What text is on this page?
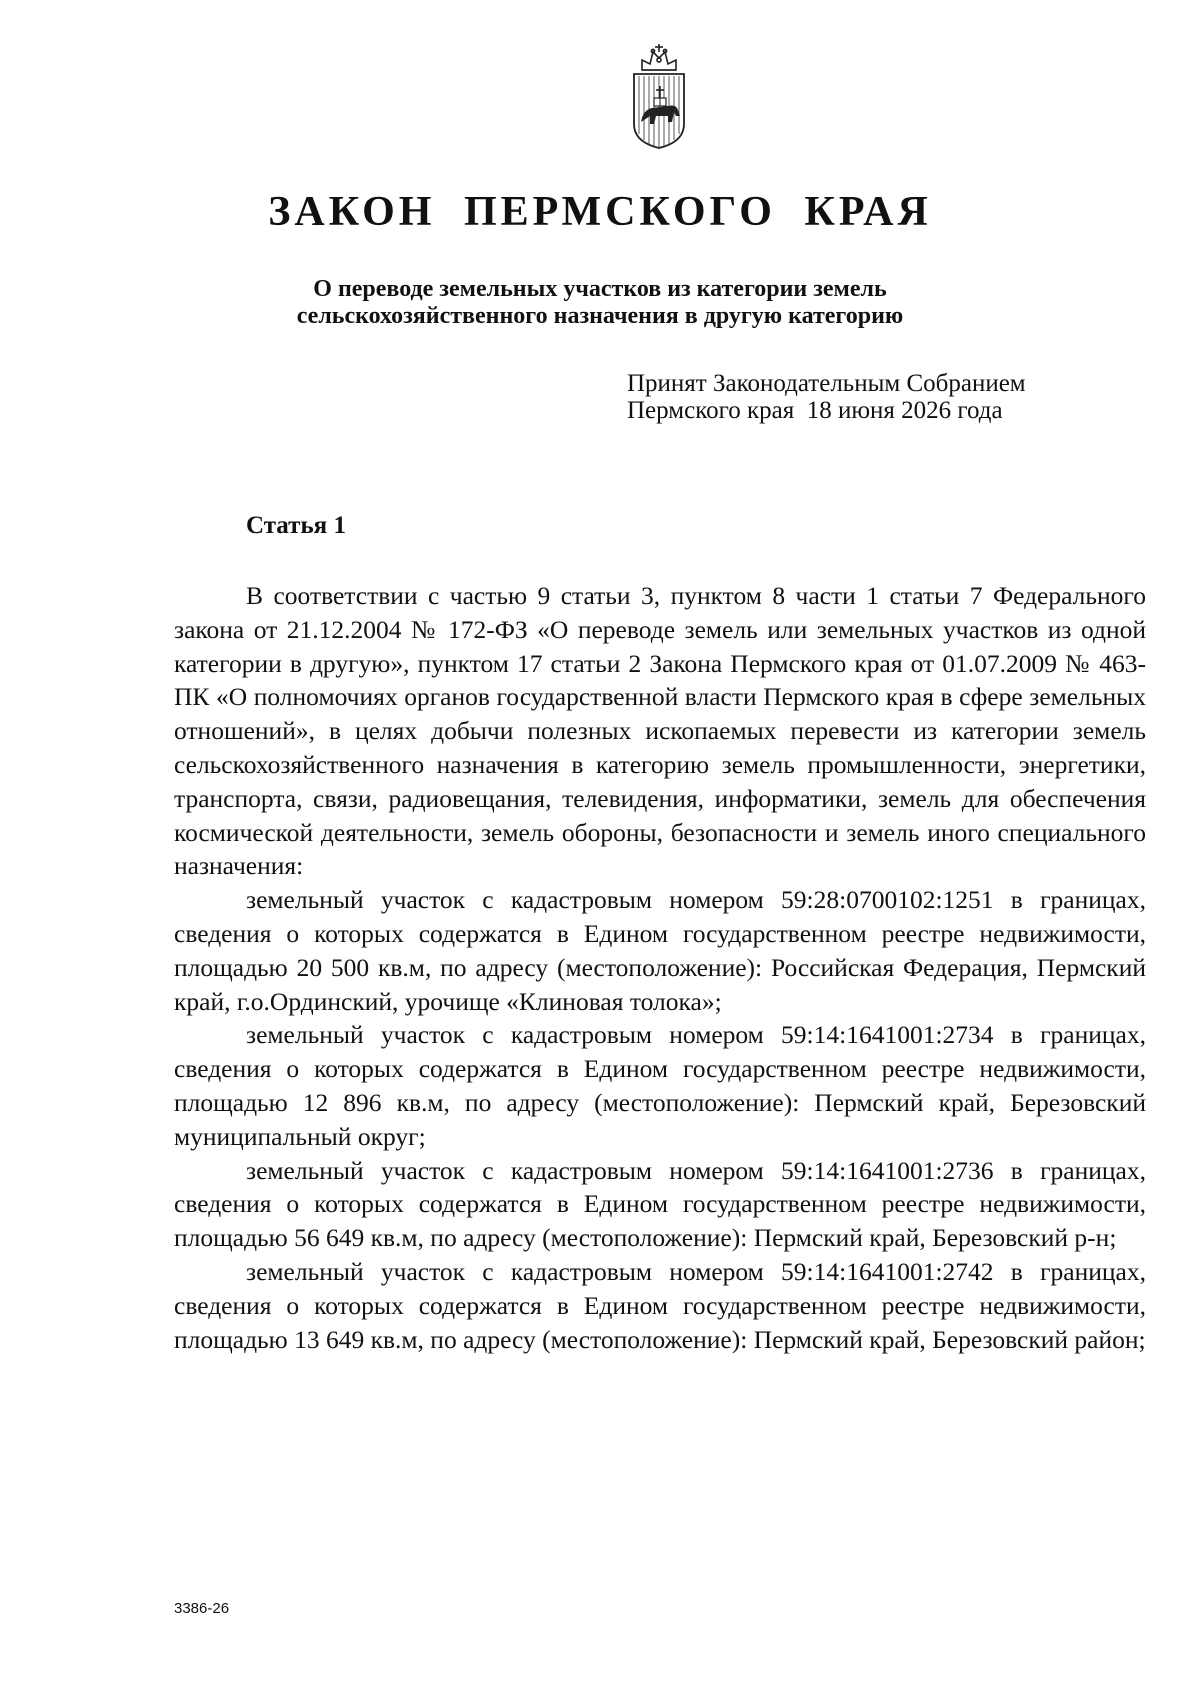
ЗАКОН ПЕРМСКОГО КРАЯ
О переводе земельных участков из категории земель
сельскохозяйственного назначения в другую категорию
Принят Законодательным Собранием
Пермского края  18 июня 2026 года
Статья 1

В соответствии с частью 9 статьи 3, пунктом 8 части 1 статьи 7 Федерального закона от 21.12.2004 № 172-ФЗ «О переводе земель или земельных участков из одной категории в другую», пунктом 17 статьи 2 Закона Пермского края от 01.07.2009 № 463-ПК «О полномочиях органов государственной власти Пермского края в сфере земельных отношений», в целях добычи полезных ископаемых перевести из категории земель сельскохозяйственного назначения в категорию земель промышленности, энергетики, транспорта, связи, радиовещания, телевидения, информатики, земель для обеспечения космической деятельности, земель обороны, безопасности и земель иного специального назначения:

земельный участок с кадастровым номером 59:28:0700102:1251 в границах, сведения о которых содержатся в Едином государственном реестре недвижимости, площадью 20 500 кв.м, по адресу (местоположение): Российская Федерация, Пермский край, г.о.Ординский, урочище «Клиновая толока»;

земельный участок с кадастровым номером 59:14:1641001:2734 в границах, сведения о которых содержатся в Едином государственном реестре недвижимости, площадью 12 896 кв.м, по адресу (местоположение): Пермский край, Березовский муниципальный округ;

земельный участок с кадастровым номером 59:14:1641001:2736 в границах, сведения о которых содержатся в Едином государственном реестре недвижимости, площадью 56 649 кв.м, по адресу (местоположение): Пермский край, Березовский р-н;

земельный участок с кадастровым номером 59:14:1641001:2742 в границах, сведения о которых содержатся в Едином государственном реестре недвижимости, площадью 13 649 кв.м, по адресу (местоположение): Пермский край, Березовский район;

3386-26
